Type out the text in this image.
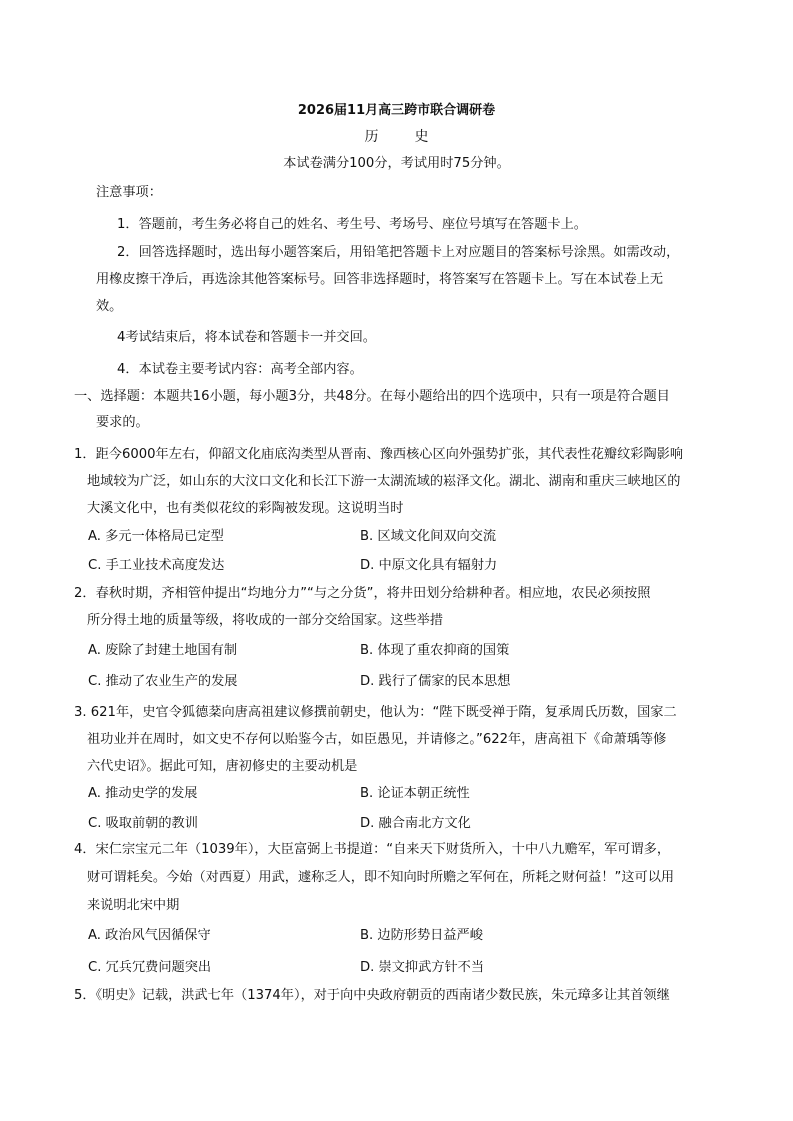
2026届11月高三跨市联合调研卷
历	史
本试卷满分100分，考试用时75分钟。
注意事项：
1．答题前，考生务必将自己的姓名、考生号、考场号、座位号填写在答题卡上。
2．回答选择题时，选出每小题答案后，用铅笔把答题卡上对应题目的答案标号涂黑。如需改动，
用橡皮擦干净后，再选涂其他答案标号。回答非选择题时，将答案写在答题卡上。写在本试卷上无
效。
4考试结束后，将本试卷和答题卡一并交回。
4．本试卷主要考试内容：高考全部内容。
一、选择题：本题共16小题，每小题3分，共48分。在每小题给出的四个选项中，只有一项是符合题目
要求的。
1．距今6000年左右，仰韶文化庙底沟类型从晋南、豫西核心区向外强势扩张，其代表性花瓣纹彩陶影响
地域较为广泛，如山东的大汶口文化和长江下游一太湖流域的崧泽文化。湖北、湖南和重庆三峡地区的
大溪文化中，也有类似花纹的彩陶被发现。这说明当时
A. 多元一体格局已定型	B. 区域文化间双向交流
C. 手工业技术高度发达	D. 中原文化具有辐射力
2．春秋时期，齐相管仲提出“均地分力”“与之分货”，将井田划分给耕种者。相应地，农民必须按照
所分得土地的质量等级，将收成的一部分交给国家。这些举措
A. 废除了封建土地国有制	B. 体现了重农抑商的国策
C. 推动了农业生产的发展	D. 践行了儒家的民本思想
3. 621年，史官令狐德棻向唐高祖建议修撰前朝史，他认为：“陛下既受禅于隋，复承周氏历数，国家二
祖功业并在周时，如文史不存何以贻鉴今古，如臣愚见，并请修之。”622年，唐高祖下《命萧瑀等修
六代史诏》。据此可知，唐初修史的主要动机是
A. 推动史学的发展	B. 论证本朝正统性
C. 吸取前朝的教训	D. 融合南北方文化
4．宋仁宗宝元二年（1039年），大臣富弼上书提道：“自来天下财货所入，十中八九赡军，军可谓多，
财可谓耗矣。今始（对西夏）用武，遽称乏人，即不知向时所赡之军何在，所耗之财何益！”这可以用
来说明北宋中期
A. 政治风气因循保守	B. 边防形势日益严峻
C. 冗兵冗费问题突出	D. 崇文抑武方针不当
5．《明史》记载，洪武七年（1374年），对于向中央政府朝贡的西南诸少数民族，朱元璋多让其首领继
